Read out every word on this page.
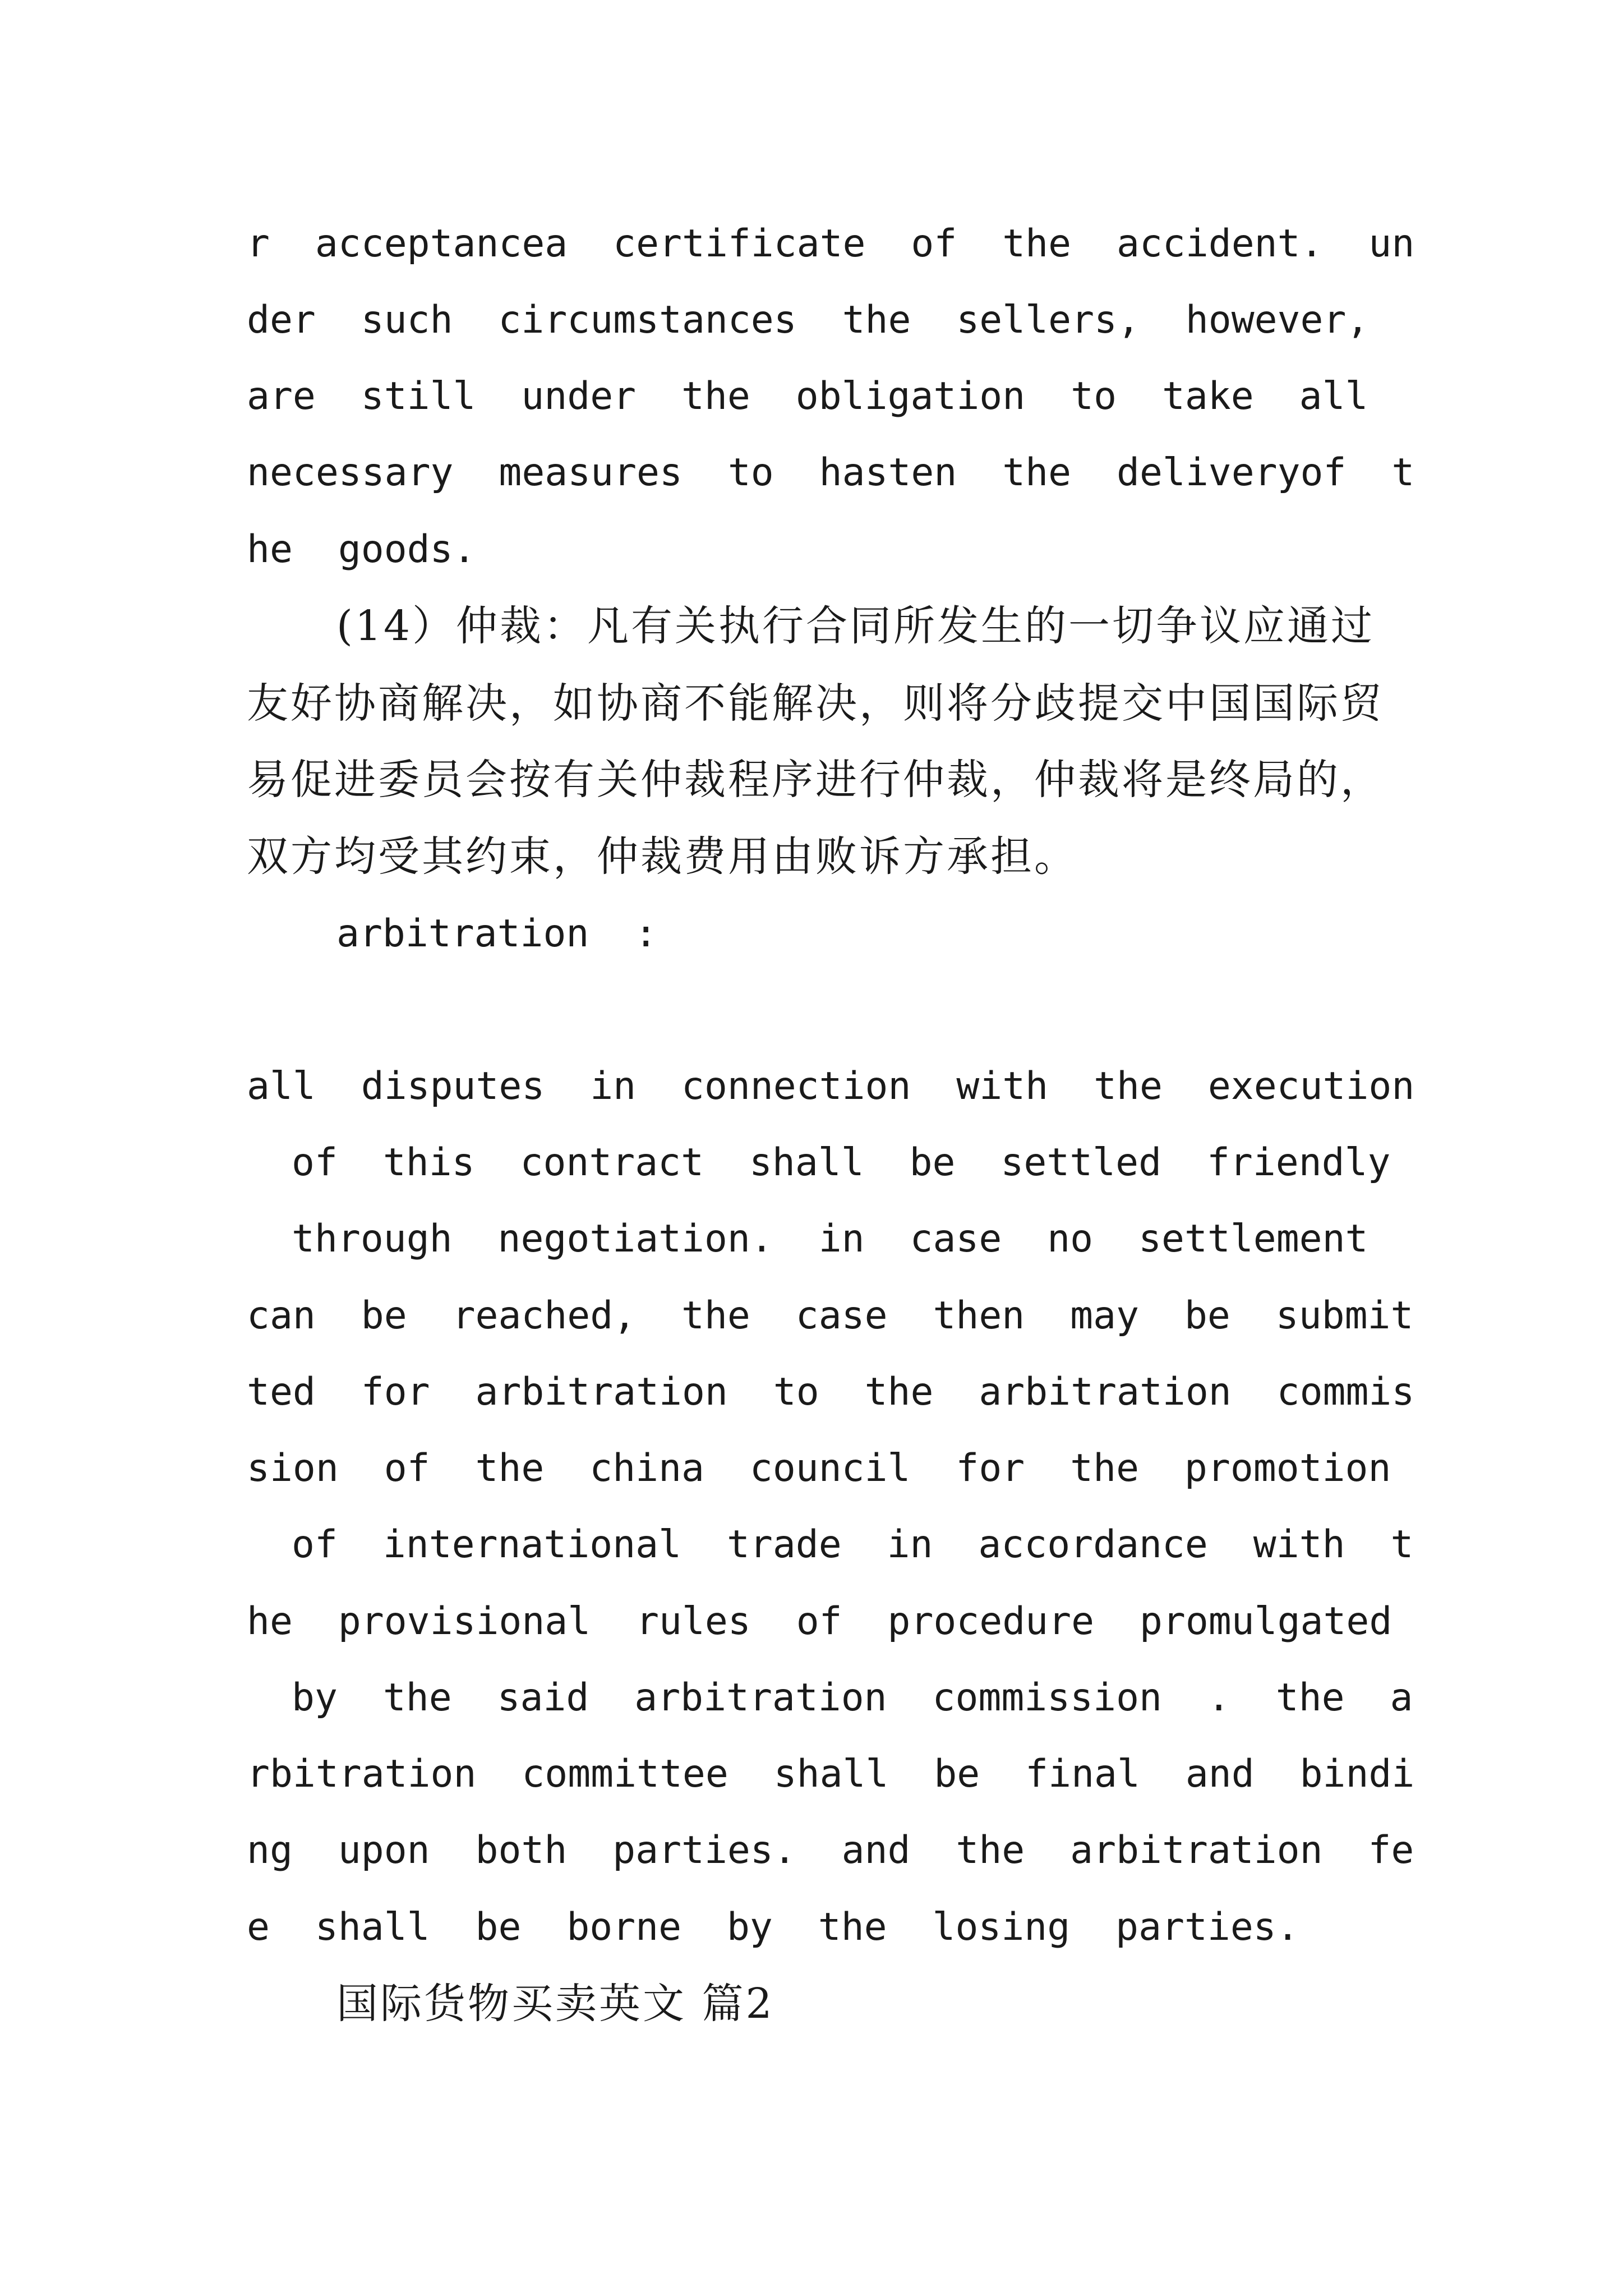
r acceptancea certificate of the accident. un

der such circumstances the sellers, however,

are still under the obligation to take all

necessary measures to hasten the deliveryof t

he goods.

(14）仲裁：凡有关执行合同所发生的一切争议应通过

友好协商解决，如协商不能解决，则将分歧提交中国国际贸

易促进委员会按有关仲裁程序进行仲裁，仲裁将是终局的，

双方均受其约束，仲裁费用由败诉方承担。

arbitration :

all disputes in connection with the execution

of this contract shall be settled friendly

through negotiation. in case no settlement

can be reached, the case then may be submit

ted for arbitration to the arbitration commis

sion of the china council for the promotion

of international trade in accordance with t

he provisional rules of procedure promulgated

by the said arbitration commission . the a

rbitration committee shall be final and bindi

ng upon both parties. and the arbitration fe

e shall be borne by the losing parties.

国际货物买卖英文 篇2
